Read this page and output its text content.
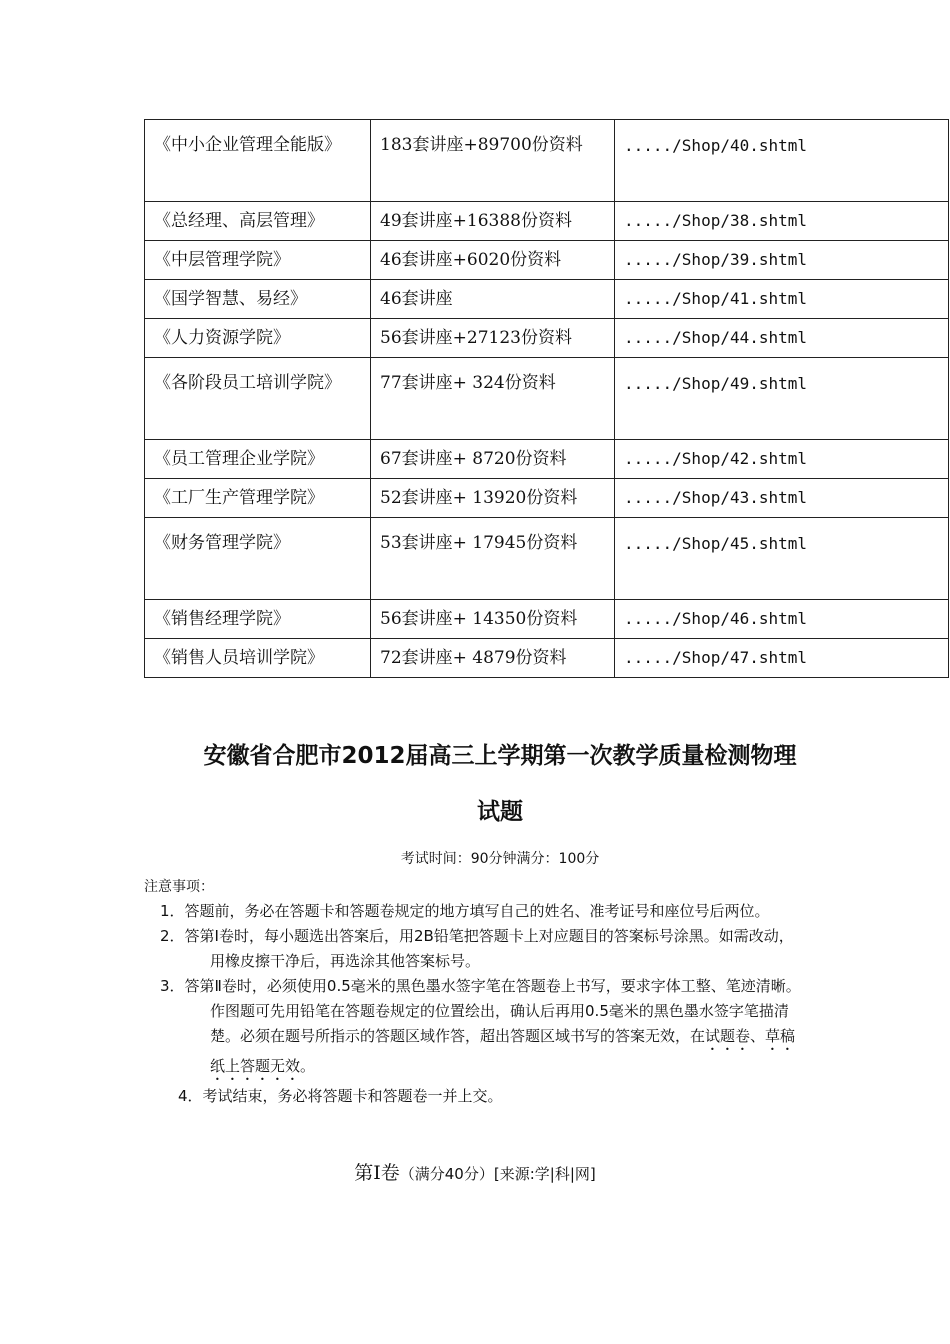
《中小企业管理全能版》	183套讲座+89700份资料	...../Shop/40.shtml
《总经理、高层管理》	49套讲座+16388份资料	...../Shop/38.shtml
《中层管理学院》	46套讲座+6020份资料	...../Shop/39.shtml
《国学智慧、易经》	46套讲座	...../Shop/41.shtml
《人力资源学院》	56套讲座+27123份资料	...../Shop/44.shtml
《各阶段员工培训学院》	77套讲座+ 324份资料	...../Shop/49.shtml
《员工管理企业学院》	67套讲座+ 8720份资料	...../Shop/42.shtml
《工厂生产管理学院》	52套讲座+ 13920份资料	...../Shop/43.shtml
《财务管理学院》	53套讲座+ 17945份资料	...../Shop/45.shtml
《销售经理学院》	56套讲座+ 14350份资料	...../Shop/46.shtml
《销售人员培训学院》	72套讲座+ 4879份资料	...../Shop/47.shtml
安徽省合肥市2012届高三上学期第一次教学质量检测物理
试题
考试时间：90分钟满分：100分
注意事项：
1．答题前，务必在答题卡和答题卷规定的地方填写自己的姓名、准考证号和座位号后两位。
2．答第Ⅰ卷时，每小题选出答案后，用2B铅笔把答题卡上对应题目的答案标号涂黑。如需改动，用橡皮擦干净后，再选涂其他答案标号。
3．答第Ⅱ卷时，必须使用0.5毫米的黑色墨水签字笔在答题卷上书写，要求字体工整、笔迹清晰。作图题可先用铅笔在答题卷规定的位置绘出，确认后再用0.5毫米的黑色墨水签字笔描清楚。必须在题号所指示的答题区域作答，超出答题区域书写的答案无效，在试题卷、草稿纸上答题无效。
4．考试结束，务必将答题卡和答题卷一并上交。
第Ⅰ卷（满分40分）[来源:学|科|网]
